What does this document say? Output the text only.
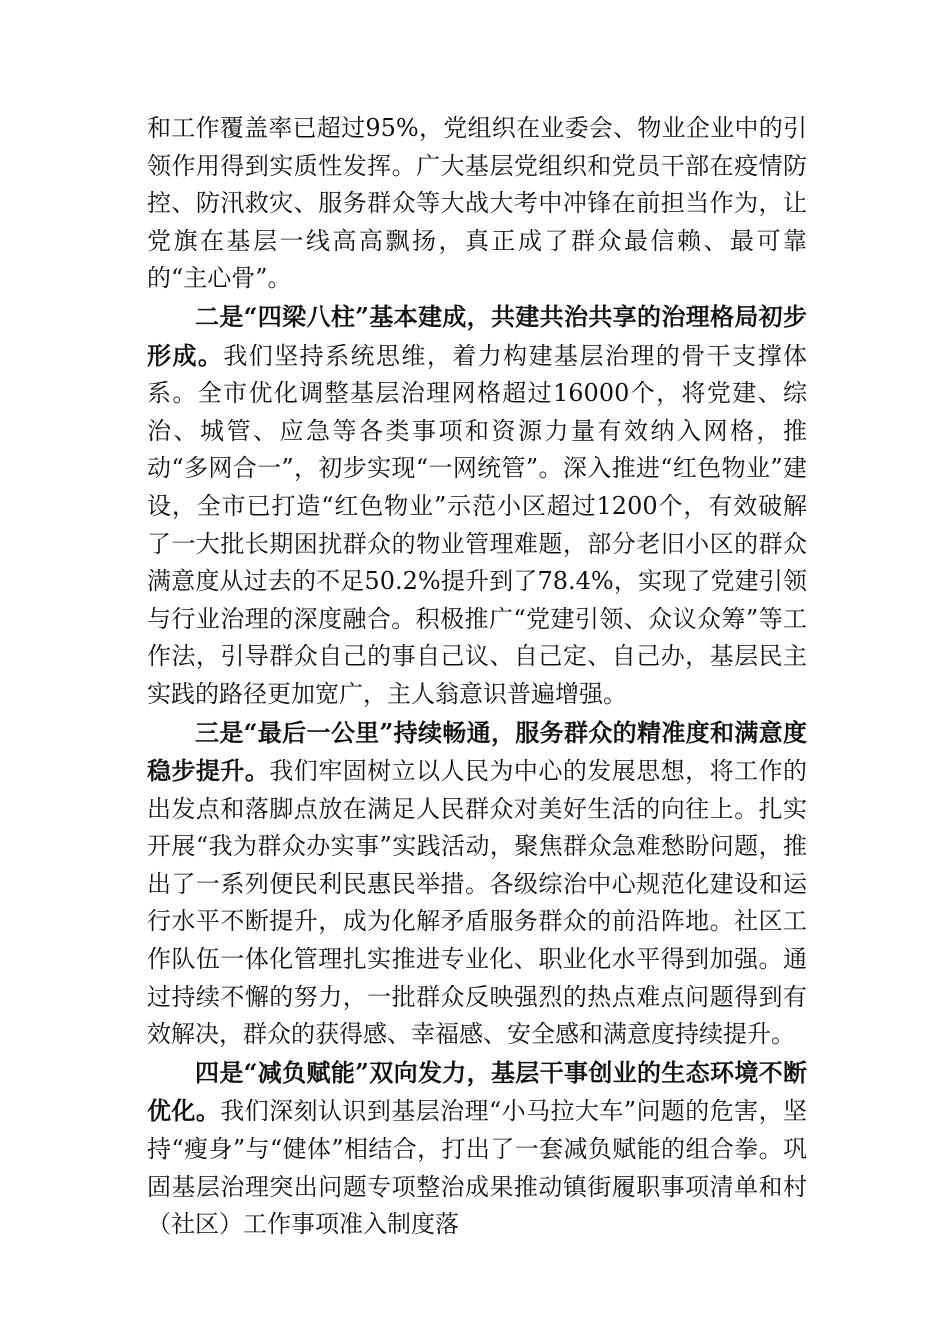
和工作覆盖率已超过95%，党组织在业委会、物业企业中的引领作用得到实质性发挥。广大基层党组织和党员干部在疫情防控、防汛救灾、服务群众等大战大考中冲锋在前担当作为，让党旗在基层一线高高飘扬，真正成了群众最信赖、最可靠的“主心骨”。

二是“四梁八柱”基本建成，共建共治共享的治理格局初步形成。我们坚持系统思维，着力构建基层治理的骨干支撑体系。全市优化调整基层治理网格超过16000个，将党建、综治、城管、应急等各类事项和资源力量有效纳入网格，推动“多网合一”，初步实现“一网统管”。深入推进“红色物业”建设，全市已打造“红色物业”示范小区超过1200个，有效破解了一大批长期困扰群众的物业管理难题，部分老旧小区的群众满意度从过去的不足50.2%提升到了78.4%，实现了党建引领与行业治理的深度融合。积极推广“党建引领、众议众筹”等工作法，引导群众自己的事自己议、自己定、自己办，基层民主实践的路径更加宽广，主人翁意识普遍增强。

三是“最后一公里”持续畅通，服务群众的精准度和满意度稳步提升。我们牢固树立以人民为中心的发展思想，将工作的出发点和落脚点放在满足人民群众对美好生活的向往上。扎实开展“我为群众办实事”实践活动，聚焦群众急难愁盼问题，推出了一系列便民利民惠民举措。各级综治中心规范化建设和运行水平不断提升，成为化解矛盾服务群众的前沿阵地。社区工作队伍一体化管理扎实推进专业化、职业化水平得到加强。通过持续不懈的努力，一批群众反映强烈的热点难点问题得到有效解决，群众的获得感、幸福感、安全感和满意度持续提升。

四是“减负赋能”双向发力，基层干事创业的生态环境不断优化。我们深刻认识到基层治理“小马拉大车”问题的危害，坚持“瘦身”与“健体”相结合，打出了一套减负赋能的组合拳。巩固基层治理突出问题专项整治成果推动镇街履职事项清单和村（社区）工作事项准入制度落
